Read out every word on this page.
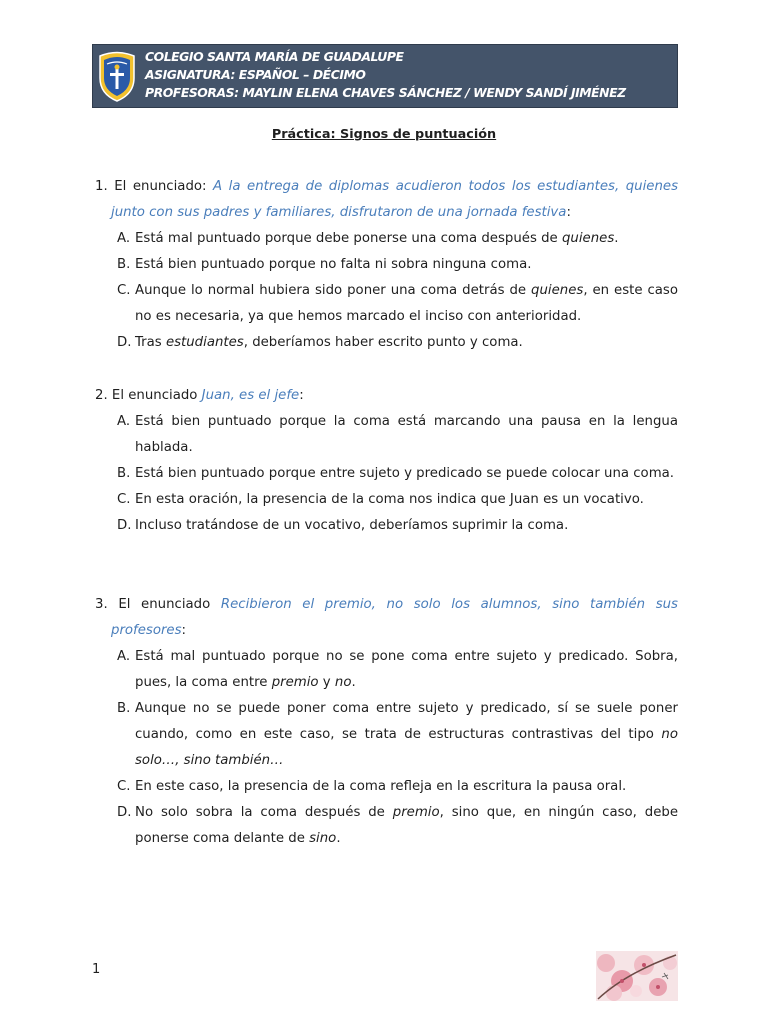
COLEGIO SANTA MARÍA DE GUADALUPE
ASIGNATURA: ESPAÑOL – DÉCIMO
PROFESORAS: MAYLIN ELENA CHAVES SÁNCHEZ / WENDY SANDÍ JIMÉNEZ
Práctica: Signos de puntuación
1. El enunciado: A la entrega de diplomas acudieron todos los estudiantes, quienes junto con sus padres y familiares, disfrutaron de una jornada festiva:
A. Está mal puntuado porque debe ponerse una coma después de quienes.
B. Está bien puntuado porque no falta ni sobra ninguna coma.
C. Aunque lo normal hubiera sido poner una coma detrás de quienes, en este caso no es necesaria, ya que hemos marcado el inciso con anterioridad.
D. Tras estudiantes, deberíamos haber escrito punto y coma.
2. El enunciado Juan, es el jefe:
A. Está bien puntuado porque la coma está marcando una pausa en la lengua hablada.
B. Está bien puntuado porque entre sujeto y predicado se puede colocar una coma.
C. En esta oración, la presencia de la coma nos indica que Juan es un vocativo.
D. Incluso tratándose de un vocativo, deberíamos suprimir la coma.
3. El enunciado Recibieron el premio, no solo los alumnos, sino también sus profesores:
A. Está mal puntuado porque no se pone coma entre sujeto y predicado. Sobra, pues, la coma entre premio y no.
B. Aunque no se puede poner coma entre sujeto y predicado, sí se suele poner cuando, como en este caso, se trata de estructuras contrastivas del tipo no solo…, sino también…
C. En este caso, la presencia de la coma refleja en la escritura la pausa oral.
D. No solo sobra la coma después de premio, sino que, en ningún caso, debe ponerse coma delante de sino.
1
